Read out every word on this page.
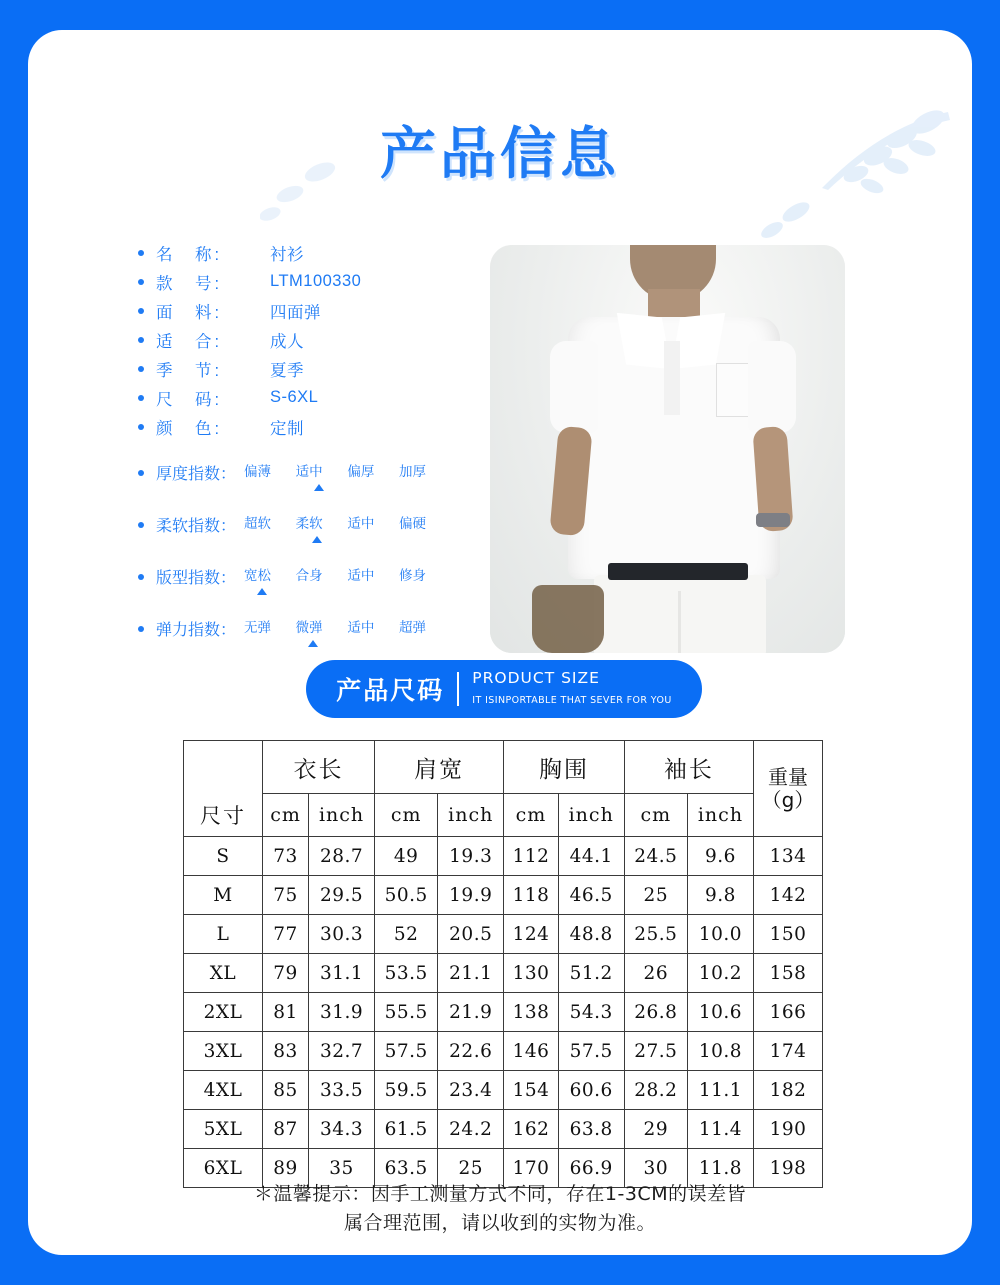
产品信息
名　称:	衬衫
款　号:	LTM100330
面　料:	四面弹
适　合:	成人
季　节:	夏季
尺　码:	S-6XL
颜　色:	定制
厚度指数： 偏薄 适中 偏厚 加厚
柔软指数： 超软 柔软 适中 偏硬
版型指数： 宽松 合身 适中 修身
弹力指数： 无弹 微弹 适中 超弹
产品尺码 PRODUCT SIZE
IT ISINPORTABLE THAT SEVER FOR YOU
尺寸	衣长		肩宽		胸围		袖长		重量
（g）
	cm	inch	cm	inch	cm	inch	cm	inch	
S	73	28.7	49	19.3	112	44.1	24.5	9.6	134
M	75	29.5	50.5	19.9	118	46.5	25	9.8	142
L	77	30.3	52	20.5	124	48.8	25.5	10.0	150
XL	79	31.1	53.5	21.1	130	51.2	26	10.2	158
2XL	81	31.9	55.5	21.9	138	54.3	26.8	10.6	166
3XL	83	32.7	57.5	22.6	146	57.5	27.5	10.8	174
4XL	85	33.5	59.5	23.4	154	60.6	28.2	11.1	182
5XL	87	34.3	61.5	24.2	162	63.8	29	11.4	190
6XL	89	35	63.5	25	170	66.9	30	11.8	198
＊温馨提示：因手工测量方式不同，存在1-3CM的误差皆
属合理范围，请以收到的实物为准。
